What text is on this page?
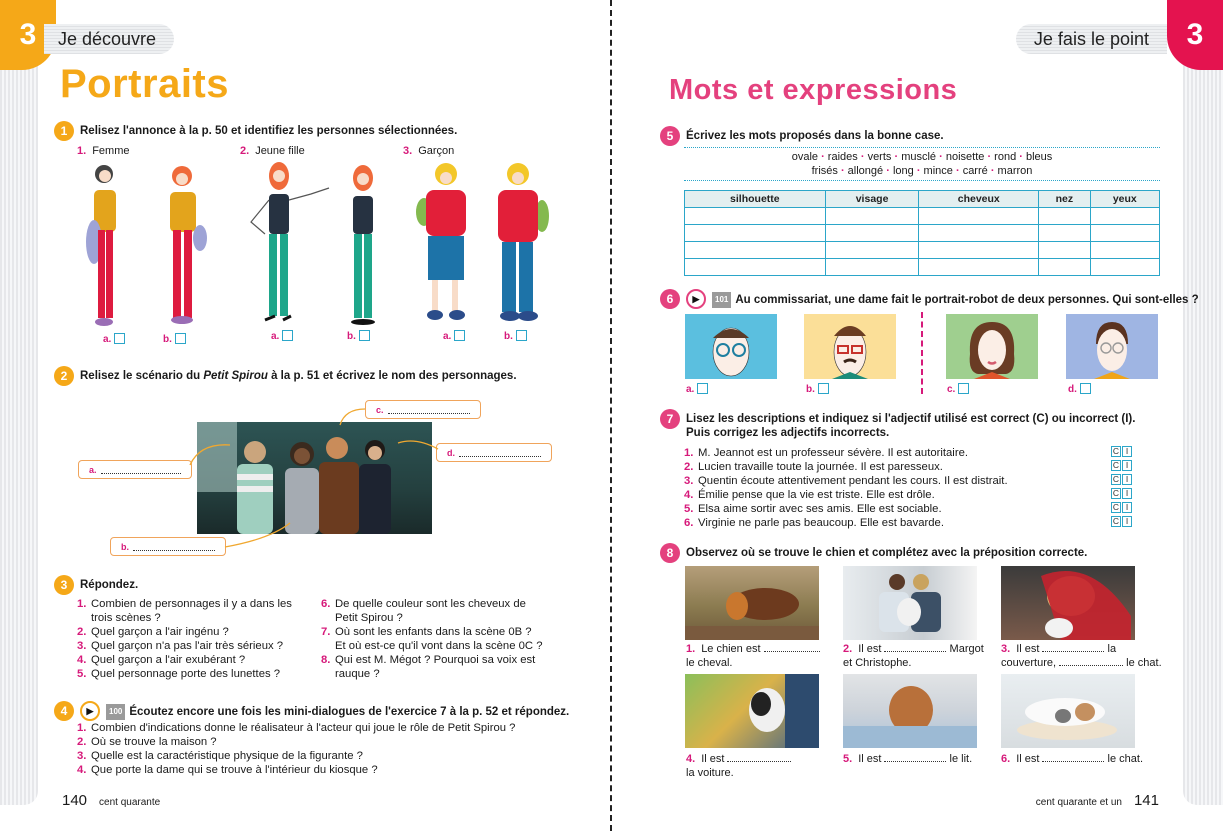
3	Je découvre
Portraits
1	Relisez l'annonce à la p. 50 et identifiez les personnes sélectionnées.
1. Femme	2. Jeune fille	3. Garçon
a.	b.	a.	b.	a.	b.
2	Relisez le scénario du Petit Spirou à la p. 51 et écrivez le nom des personnages.
a.
b.
c.
d.
3	Répondez.
1. Combien de personnages il y a dans les
trois scènes ?
2. Quel garçon a l'air ingénu ?
3. Quel garçon n'a pas l'air très sérieux ?
4. Quel garçon a l'air exubérant ?
5. Quel personnage porte des lunettes ?
6. De quelle couleur sont les cheveux de
Petit Spirou ?
7. Où sont les enfants dans la scène 0B ?
Et où est-ce qu'il vont dans la scène 0C ?
8. Qui est M. Mégot ? Pourquoi sa voix est
rauque ?
4	▶	100 Écoutez encore une fois les mini-dialogues de l'exercice 7 à la p. 52 et répondez.
1. Combien d'indications donne le réalisateur à l'acteur qui joue le rôle de Petit Spirou ?
2. Où se trouve la maison ?
3. Quelle est la caractéristique physique de la figurante ?
4. Que porte la dame qui se trouve à l'intérieur du kiosque ?
140 cent quarante
3
Je fais le point
Mots et expressions
5	Écrivez les mots proposés dans la bonne case.
ovale · raides · verts · musclé · noisette · rond · bleus
frisés · allongé · long · mince · carré · marron
silhouette	visage	cheveux	nez	yeux

6	▶	101 Au commissariat, une dame fait le portrait-robot de deux personnes. Qui sont-elles ?
a.	b.	c.	d.
7	Lisez les descriptions et indiquez si l'adjectif utilisé est correct (C) ou incorrect (I). Puis corrigez les adjectifs incorrects.
1. M. Jeannot est un professeur sévère. Il est autoritaire.
2. Lucien travaille toute la journée. Il est paresseux.
3. Quentin écoute attentivement pendant les cours. Il est distrait.
4. Émilie pense que la vie est triste. Elle est drôle.
5. Elsa aime sortir avec ses amis. Elle est sociable.
6. Virginie ne parle pas beaucoup. Elle est bavarde.
C I
C I
C I
C I
C I
C I
8	Observez où se trouve le chien et complétez avec la préposition correcte.
1. Le chien est
le cheval.
2. Il est	Margot
et Christophe.
3. Il est	la
couverture,	le chat.
4. Il est
la voiture.
5. Il est	le lit.	6. Il est	le chat.
cent quarante et un 141
